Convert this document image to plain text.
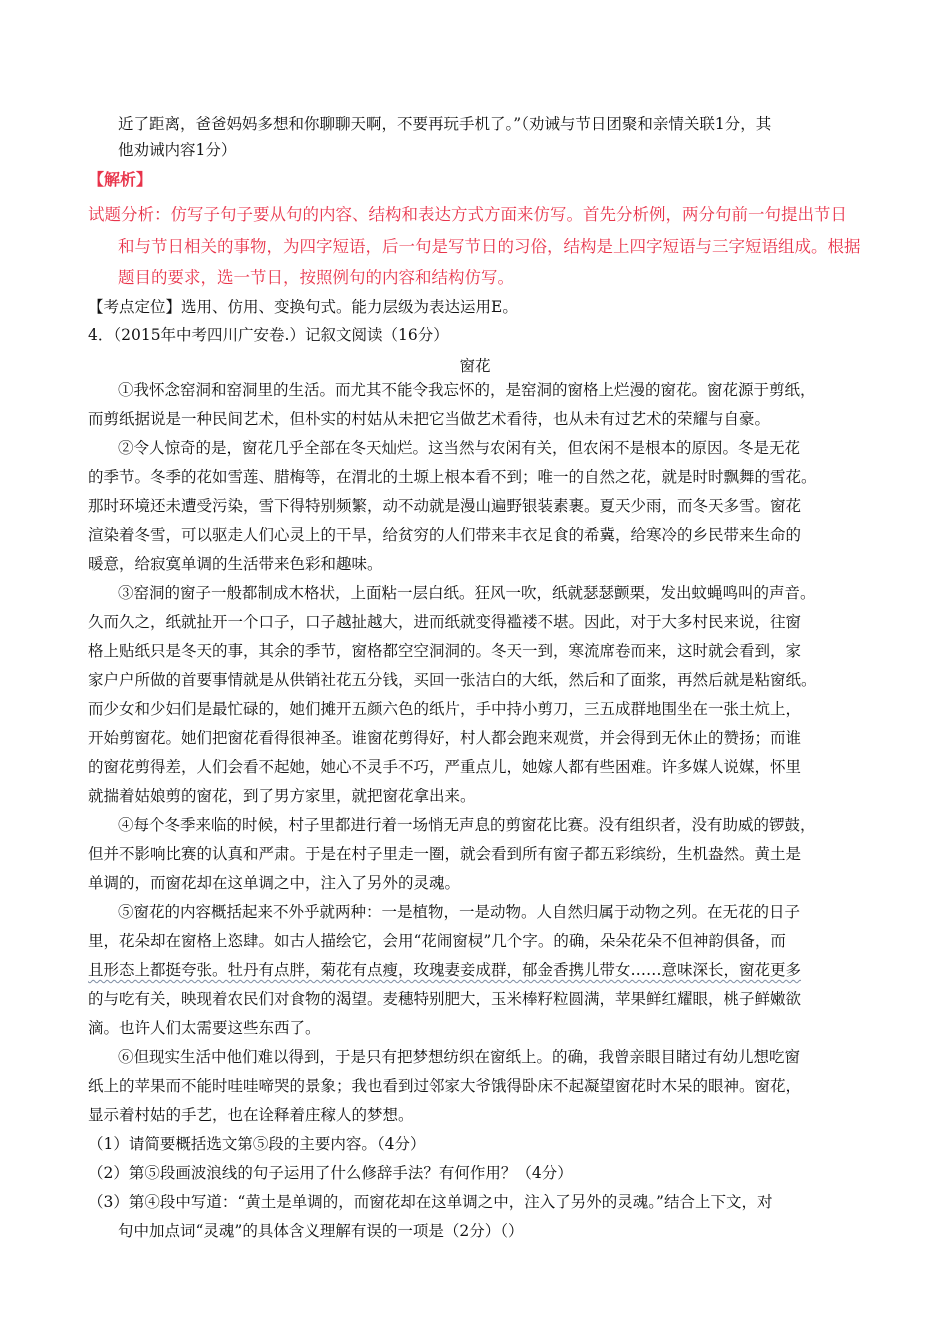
近了距离，爸爸妈妈多想和你聊聊天啊，不要再玩手机了。”（劝诫与节日团聚和亲情关联1分，其
他劝诫内容1分）
【解析】
试题分析：仿写子句子要从句的内容、结构和表达方式方面来仿写。首先分析例，两分句前一句提出节日
和与节日相关的事物，为四字短语，后一句是写节日的习俗，结构是上四字短语与三字短语组成。根据
题目的要求，选一节日，按照例句的内容和结构仿写。
【考点定位】选用、仿用、变换句式。能力层级为表达运用E。
4．（2015年中考四川广安卷.）记叙文阅读（16分）
窗花
①我怀念窑洞和窑洞里的生活。而尤其不能令我忘怀的，是窑洞的窗格上烂漫的窗花。窗花源于剪纸，
而剪纸据说是一种民间艺术，但朴实的村姑从未把它当做艺术看待，也从未有过艺术的荣耀与自豪。
②令人惊奇的是，窗花几乎全部在冬天灿烂。这当然与农闲有关，但农闲不是根本的原因。冬是无花
的季节。冬季的花如雪莲、腊梅等，在渭北的土塬上根本看不到；唯一的自然之花，就是时时飘舞的雪花。
那时环境还未遭受污染，雪下得特别频繁，动不动就是漫山遍野银装素裹。夏天少雨，而冬天多雪。窗花
渲染着冬雪，可以驱走人们心灵上的干旱，给贫穷的人们带来丰衣足食的希冀，给寒冷的乡民带来生命的
暖意，给寂寞单调的生活带来色彩和趣味。
③窑洞的窗子一般都制成木格状，上面粘一层白纸。狂风一吹，纸就瑟瑟颤栗，发出蚊蝇鸣叫的声音。
久而久之，纸就扯开一个口子，口子越扯越大，进而纸就变得褴褛不堪。因此，对于大多村民来说，往窗
格上贴纸只是冬天的事，其余的季节，窗格都空空洞洞的。冬天一到，寒流席卷而来，这时就会看到，家
家户户所做的首要事情就是从供销社花五分钱，买回一张洁白的大纸，然后和了面浆，再然后就是粘窗纸。
而少女和少妇们是最忙碌的，她们摊开五颜六色的纸片，手中持小剪刀，三五成群地围坐在一张土炕上，
开始剪窗花。她们把窗花看得很神圣。谁窗花剪得好，村人都会跑来观赏，并会得到无休止的赞扬；而谁
的窗花剪得差，人们会看不起她，她心不灵手不巧，严重点儿，她嫁人都有些困难。许多媒人说媒，怀里
就揣着姑娘剪的窗花，到了男方家里，就把窗花拿出来。
④每个冬季来临的时候，村子里都进行着一场悄无声息的剪窗花比赛。没有组织者，没有助威的锣鼓，
但并不影响比赛的认真和严肃。于是在村子里走一圈，就会看到所有窗子都五彩缤纷，生机盎然。黄土是
单调的，而窗花却在这单调之中，注入了另外的灵魂。
⑤窗花的内容概括起来不外乎就两种：一是植物，一是动物。人自然归属于动物之列。在无花的日子
里，花朵却在窗格上恣肆。如古人描绘它，会用“花闹窗棂”几个字。的确，朵朵花朵不但神韵俱备，而
且形态上都挺夸张。牡丹有点胖，菊花有点瘦，玫瑰妻妾成群，郁金香携儿带女……意味深长，窗花更多
的与吃有关，映现着农民们对食物的渴望。麦穗特别肥大，玉米棒籽粒圆满，苹果鲜红耀眼，桃子鲜嫩欲
滴。也许人们太需要这些东西了。
⑥但现实生活中他们难以得到，于是只有把梦想纺织在窗纸上。的确，我曾亲眼目睹过有幼儿想吃窗
纸上的苹果而不能时哇哇啼哭的景象；我也看到过邻家大爷饿得卧床不起凝望窗花时木呆的眼神。窗花，
显示着村姑的手艺，也在诠释着庄稼人的梦想。
（1）请简要概括选文第⑤段的主要内容。（4分）
（2）第⑤段画波浪线的句子运用了什么修辞手法？有何作用？（4分）
（3）第④段中写道：“黄土是单调的，而窗花却在这单调之中，注入了另外的灵魂。”结合上下文，对
句中加点词“灵魂”的具体含义理解有误的一项是（2分）（）
